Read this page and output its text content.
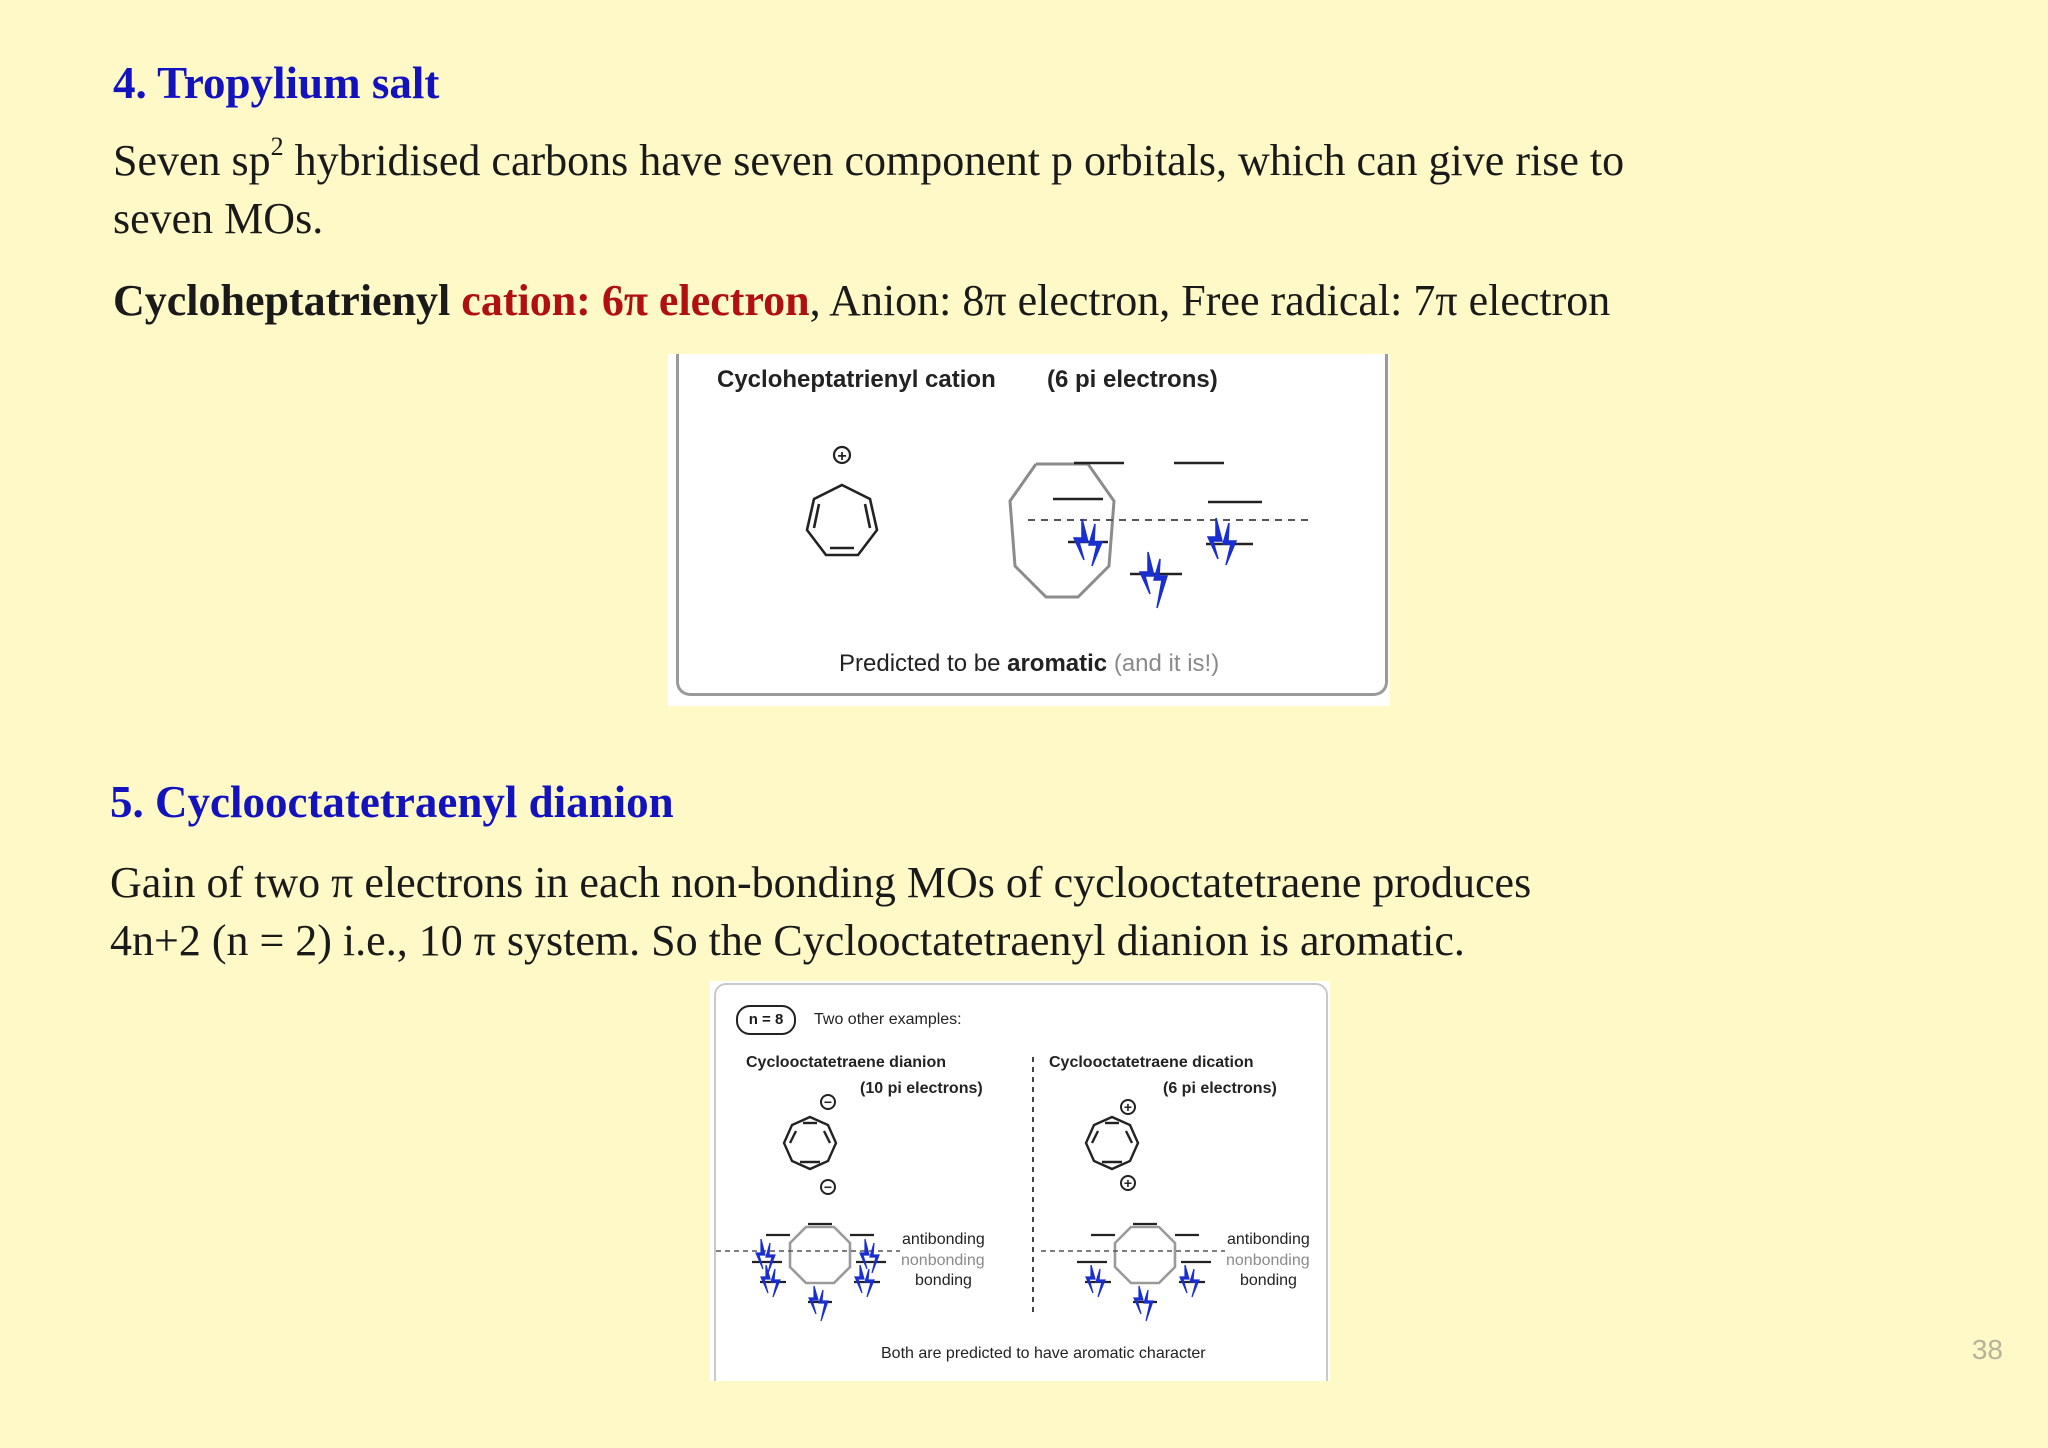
4. Tropylium salt

Seven $sp^2$ hybridised carbons have seven component p orbitals, which can give rise to
seven MOs.

Cycloheptatrienyl cation: 6π electron, Anion: 8π electron, Free radical: 7π electron

Cycloheptatrienyl cation (6 pi electrons)
+
Predicted to be aromatic (and it is!)
5. Cyclooctatetraenyl dianion

Gain of two π electrons in each non-bonding MOs of cyclooctatetraene produces
4n+2 (n = 2) i.e., 10 π system. So the Cyclooctatetraenyl dianion is aromatic.

n = 8	Two other examples:
Cyclooctatetraene dianion
(10 pi electrons)
Cyclooctatetraene dication
(6 pi electrons)
antibonding
nonbonding
bonding
antibonding
nonbonding
bonding
−
−
+
+
Both are predicted to have aromatic character	38
